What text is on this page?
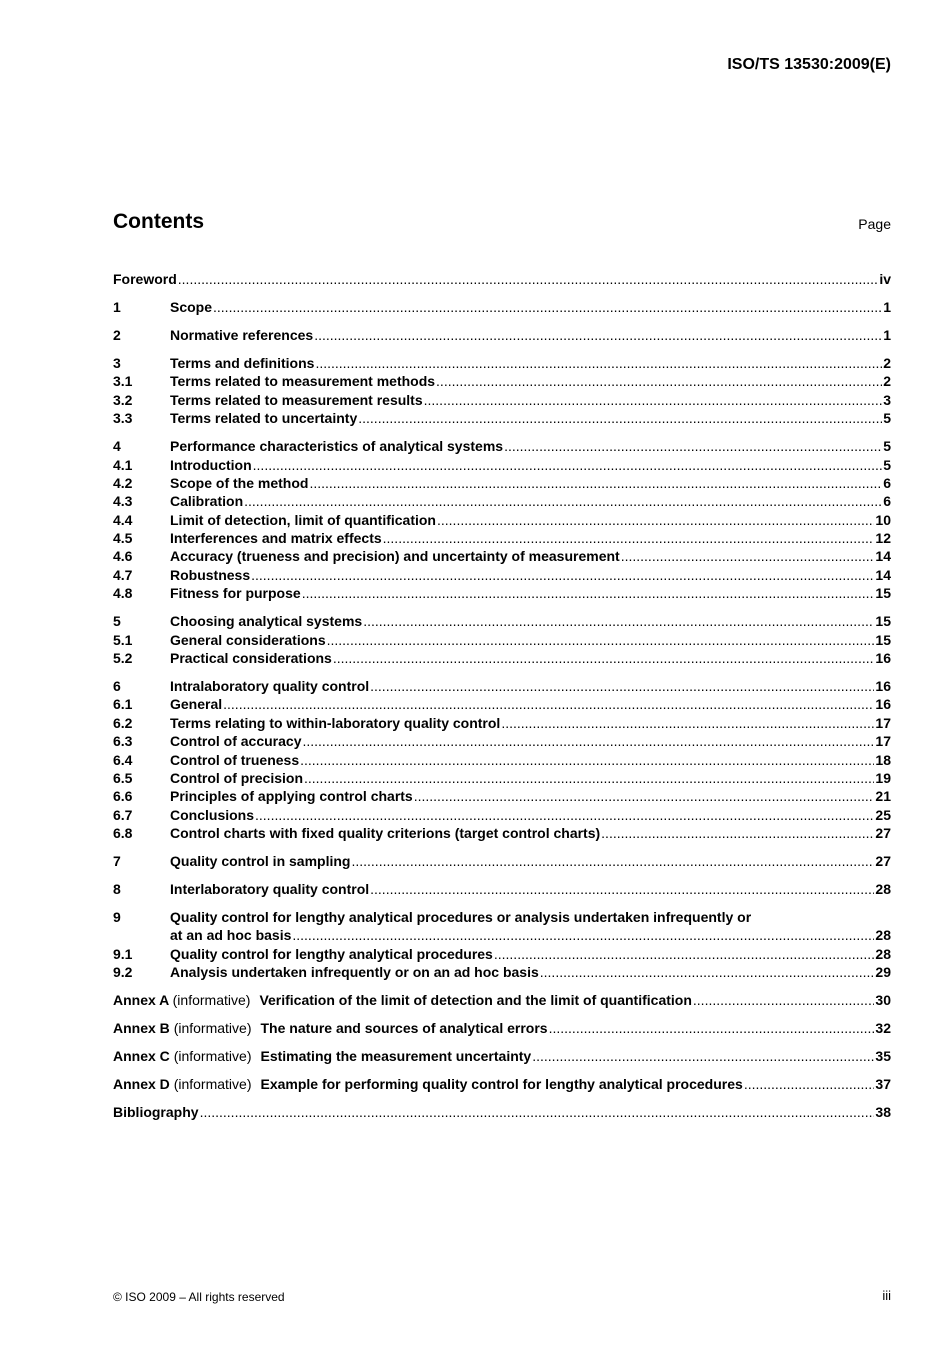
ISO/TS 13530:2009(E)
Contents	Page
Foreword .....	iv
1	Scope .....	1
2	Normative references .....	1
3	Terms and definitions .....	2
3.1	Terms related to measurement methods .....	2
3.2	Terms related to measurement results .....	3
3.3	Terms related to uncertainty .....	5
4	Performance characteristics of analytical systems .....	5
4.1	Introduction .....	5
4.2	Scope of the method .....	6
4.3	Calibration .....	6
4.4	Limit of detection, limit of quantification .....	10
4.5	Interferences and matrix effects .....	12
4.6	Accuracy (trueness and precision) and uncertainty of measurement .....	14
4.7	Robustness .....	14
4.8	Fitness for purpose .....	15
5	Choosing analytical systems .....	15
5.1	General considerations .....	15
5.2	Practical considerations .....	16
6	Intralaboratory quality control .....	16
6.1	General .....	16
6.2	Terms relating to within-laboratory quality control .....	17
6.3	Control of accuracy .....	17
6.4	Control of trueness .....	18
6.5	Control of precision .....	19
6.6	Principles of applying control charts .....	21
6.7	Conclusions .....	25
6.8	Control charts with fixed quality criterions (target control charts) .....	27
7	Quality control in sampling .....	27
8	Interlaboratory quality control .....	28
9	Quality control for lengthy analytical procedures or analysis undertaken infrequently or
at an ad hoc basis .....	28
9.1	Quality control for lengthy analytical procedures .....	28
9.2	Analysis undertaken infrequently or on an ad hoc basis .....	29
Annex A (informative) Verification of the limit of detection and the limit of quantification .....	30
Annex B (informative) The nature and sources of analytical errors .....	32
Annex C (informative) Estimating the measurement uncertainty .....	35
Annex D (informative) Example for performing quality control for lengthy analytical procedures .....	37
Bibliography .....	38
© ISO 2009 – All rights reserved	iii
